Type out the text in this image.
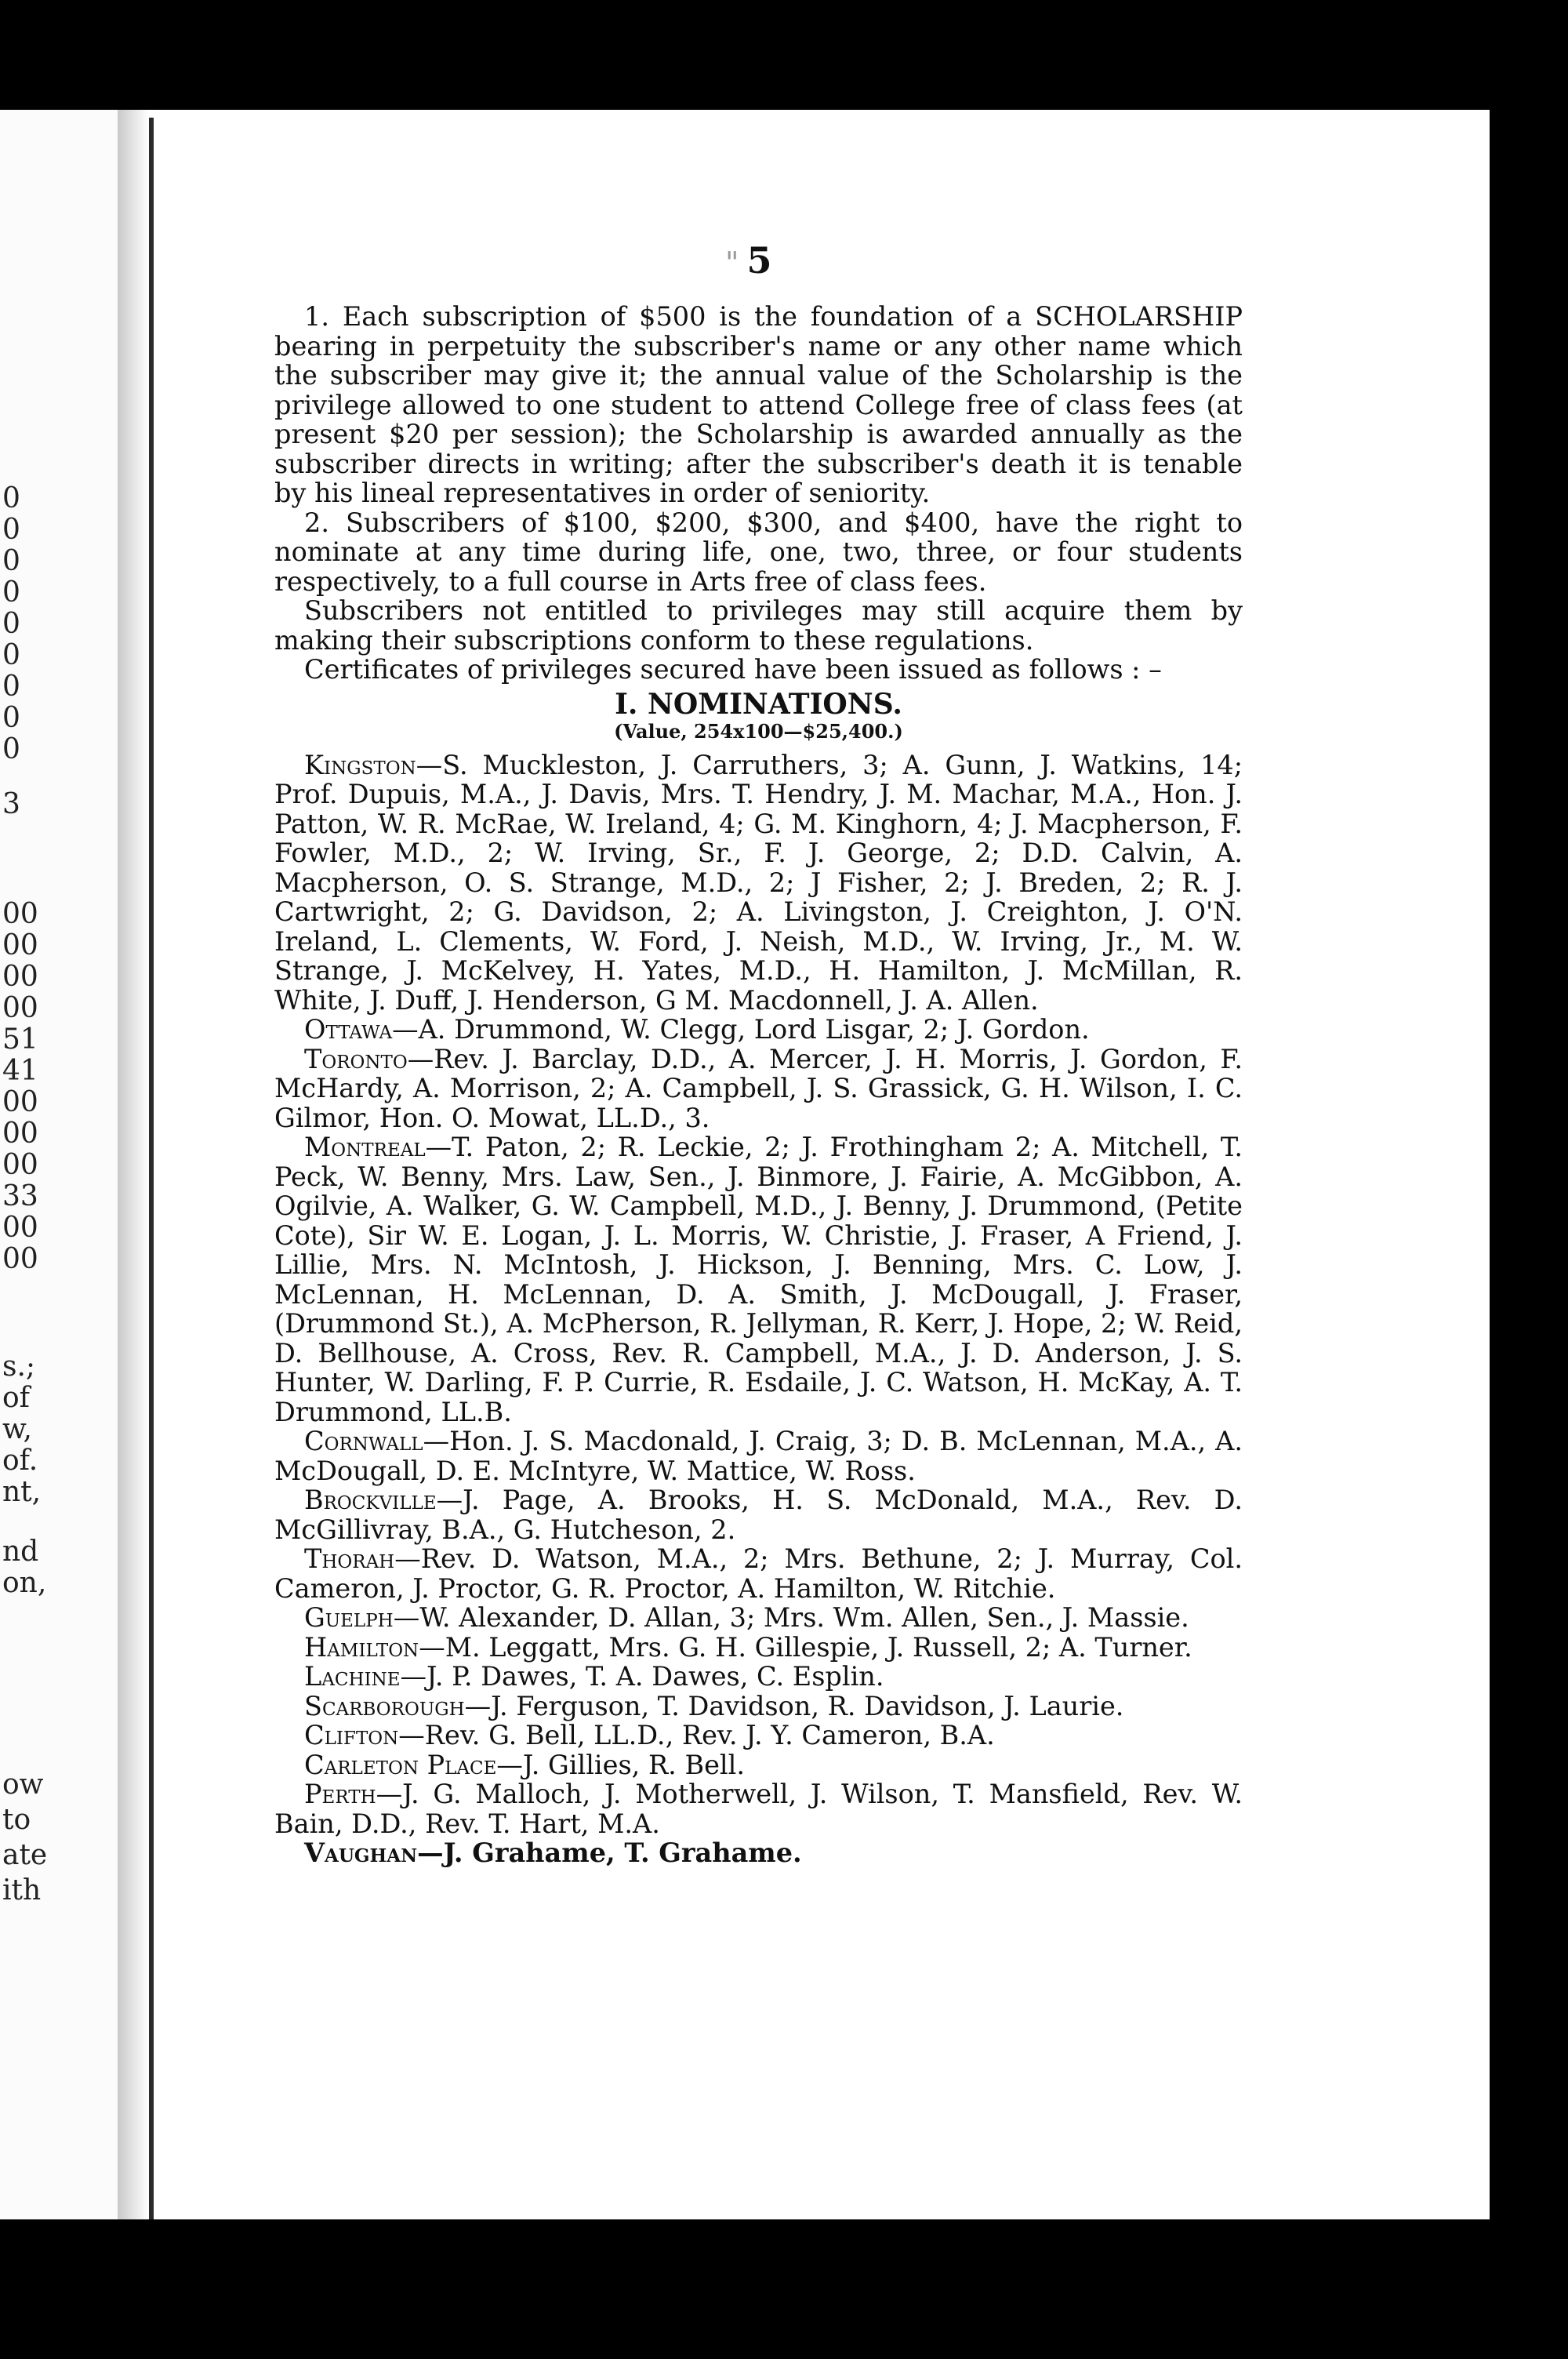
0
0
0
0
0
0
0
0
0
3
00
00
00
00
51
41
00
00
00
33
00
00
s.;
of
w,
of.
nt,
nd
on,
ow
to
ate
ith
" 5

1. Each subscription of $500 is the foundation of a SCHOLARSHIP bearing in perpetuity the subscriber's name or any other name which the subscriber may give it; the annual value of the Scholarship is the privilege allowed to one student to attend College free of class fees (at present $20 per session); the Scholarship is awarded annually as the subscriber directs in writing; after the subscriber's death it is tenable by his lineal representatives in order of seniority.

2. Subscribers of $100, $200, $300, and $400, have the right to nominate at any time during life, one, two, three, or four students respectively, to a full course in Arts free of class fees.

Subscribers not entitled to privileges may still acquire them by making their subscriptions conform to these regulations.

Certificates of privileges secured have been issued as follows : –

I. NOMINATIONS.
(Value, 254x100—$25,400.)

Kingston—S. Muckleston, J. Carruthers, 3; A. Gunn, J. Watkins, 14; Prof. Dupuis, M.A., J. Davis, Mrs. T. Hendry, J. M. Machar, M.A., Hon. J. Patton, W. R. McRae, W. Ireland, 4; G. M. Kinghorn, 4; J. Macpherson, F. Fowler, M.D., 2; W. Irving, Sr., F. J. George, 2; D.D. Calvin, A. Macpherson, O. S. Strange, M.D., 2; J Fisher, 2; J. Breden, 2; R. J. Cartwright, 2; G. Davidson, 2; A. Livingston, J. Creighton, J. O'N. Ireland, L. Clements, W. Ford, J. Neish, M.D., W. Irving, Jr., M. W. Strange, J. McKelvey, H. Yates, M.D., H. Hamilton, J. McMillan, R. White, J. Duff, J. Henderson, G M. Macdonnell, J. A. Allen.

Ottawa—A. Drummond, W. Clegg, Lord Lisgar, 2; J. Gordon.

Toronto—Rev. J. Barclay, D.D., A. Mercer, J. H. Morris, J. Gordon, F. McHardy, A. Morrison, 2; A. Campbell, J. S. Grassick, G. H. Wilson, I. C. Gilmor, Hon. O. Mowat, LL.D., 3.

Montreal—T. Paton, 2; R. Leckie, 2; J. Frothingham 2; A. Mitchell, T. Peck, W. Benny, Mrs. Law, Sen., J. Binmore, J. Fairie, A. McGibbon, A. Ogilvie, A. Walker, G. W. Campbell, M.D., J. Benny, J. Drummond, (Petite Cote), Sir W. E. Logan, J. L. Morris, W. Christie, J. Fraser, A Friend, J. Lillie, Mrs. N. McIntosh, J. Hickson, J. Benning, Mrs. C. Low, J. McLennan, H. McLennan, D. A. Smith, J. McDougall, J. Fraser, (Drummond St.), A. McPherson, R. Jellyman, R. Kerr, J. Hope, 2; W. Reid, D. Bellhouse, A. Cross, Rev. R. Campbell, M.A., J. D. Anderson, J. S. Hunter, W. Darling, F. P. Currie, R. Esdaile, J. C. Watson, H. McKay, A. T. Drummond, LL.B.

Cornwall—Hon. J. S. Macdonald, J. Craig, 3; D. B. McLennan, M.A., A. McDougall, D. E. McIntyre, W. Mattice, W. Ross.

Brockville—J. Page, A. Brooks, H. S. McDonald, M.A., Rev. D. McGillivray, B.A., G. Hutcheson, 2.

Thorah—Rev. D. Watson, M.A., 2; Mrs. Bethune, 2; J. Murray, Col. Cameron, J. Proctor, G. R. Proctor, A. Hamilton, W. Ritchie.

Guelph—W. Alexander, D. Allan, 3; Mrs. Wm. Allen, Sen., J. Massie.

Hamilton—M. Leggatt, Mrs. G. H. Gillespie, J. Russell, 2; A. Turner.

Lachine—J. P. Dawes, T. A. Dawes, C. Esplin.

Scarborough—J. Ferguson, T. Davidson, R. Davidson, J. Laurie.

Clifton—Rev. G. Bell, LL.D., Rev. J. Y. Cameron, B.A.

Carleton Place—J. Gillies, R. Bell.

Perth—J. G. Malloch, J. Motherwell, J. Wilson, T. Mansfield, Rev. W. Bain, D.D., Rev. T. Hart, M.A.

Vaughan—J. Grahame, T. Grahame.
